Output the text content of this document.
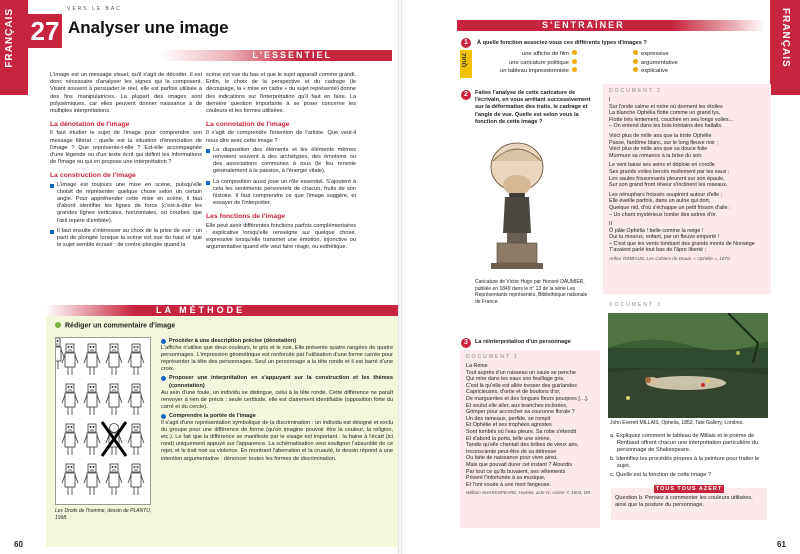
FRANÇAIS 27
VERS LE BAC
Analyser une image
L'ESSENTIEL

L'image est un message visuel, qu'il s'agit de décoder. Il est donc nécessaire d'analyser les signes qui la composent. Visant souvent à persuader le réel, elle est parfois utilisée à des fins manipulatrices. La plupart des images sont polysémiques, car elles peuvent donner naissance à de multiples interprétations.

La dénotation de l'image

Il faut étudier le sujet de l'image pour comprendre son message littéral : quelle est la situation d'énonciation de l'image ? Que représente-t-elle ? Est-elle accompagnée d'une légende ou d'un texte écrit qui définit les informations de l'image ou qui en propose une interprétation ?

La construction de l'image
L'image est toujours une mise en scène, puisqu'elle choisit de représenter quelque chose selon un certain angle. Pour appréhender cette mise en scène, il faut d'abord identifier les lignes de force (c'est-à-dire les grandes lignes verticales, horizontales, ou courbes que l'œil repère d'emblée).
Il faut ensuite s'intéresser au choix de la prise de vue : un parti de plongée lorsque la scène est vue du haut et que le sujet semble écrasé ; de contre-plongée quand la

scène est vue du bas et que le sujet apparaît comme grandi. Enfin, le choix de la perspective et du cadrage (le découpage, la « mise en cadre » du sujet représenté) donne des indications sur l'interprétation qu'il faut en faire. La dernière question importante à se poser concerne les couleurs et les formes utilisées.

La connotation de l'image

Il s'agit de comprendre l'intention de l'artiste. Que veut-il nous dire avec cette image ?

La disposition des éléments et les éléments mêmes renvoient souvent à des archétypes, des émotions ou des associations communes à tous (le feu renvoie généralement à la passion, à l'énergie vitale).
La composition aussi joue un rôle essentiel. S'ajoutent à cela les sentiments personnels de chacun, fruits de son histoire. Il faut comprendre ce que l'image suggère, et essayer de l'interpréter.
Les fonctions de l'image

Elle peut avoir différentes fonctions parfois complémentaires : explicative lorsqu'elle renseigne sur quelque chose, expressive lorsqu'elle transmet une émotion, injonctive ou argumentative quand elle veut faire réagir, ou esthétique.

LA MÉTHODE
Rédiger un commentaire d'image
Les Droits de l'homme, dessin de PLANTU, 1998.
Procéder à une description précise (dénotation)

L'affiche n'utilise que deux couleurs, le gris et le noir. Elle présente quatre rangées de quatre personnages. L'impression géométrique est renforcée par l'utilisation d'une forme carrée pour représenter la tête des personnages. Seul un personnage a la tête ronde et il est barré d'une croix.

Proposer une interprétation en s'appuyant sur la construction et les thèmes (connotation)

Au sein d'une foule, un individu se distingue, celui à la tête ronde. Cette différence ne paraît renvoyer à rien de précis : seule certitude, elle est clairement identifiable (opposition forte du carré et du cercle).

Comprendre la portée de l'image

Il s'agit d'une représentation symbolique de la discrimination : un individu est désigné et exclu du groupe pour une différence de forme (qu'on imagine pouvoir être la couleur, la religion, etc.). Le fait que la différence se manifeste par le visage est important : la haine à l'écart (ici rond) uniquement appuyé sur l'apparence. La schématisation veut souligner l'absurdité de ce rejet, et le trait noir sa violence. En montrant l'aberration et la cruauté, le dessin répond à une intention argumentative : dénoncer toutes les formes de discrimination.

60
FRANÇAIS
S'ENTRAÎNER
1
QUIZ
À quelle fonction associez-vous ces différents types d'images ?
une affiche de film
une caricature politique
un tableau impressionniste
expressive
argumentative
explicative
2	Faites l'analyse de cette caricature de l'écrivain, en vous arrêtant successivement sur la déformation des traits, le cadrage et l'angle de vue. Quelle est selon vous la fonction de cette image ?
Caricature de Victor Hugo par Honoré DAUMIER, publiée en 1849 dans le n° 13 de la série Les Représentants représentés, Bibliothèque nationale de France.
DOCUMENT 2
I
Sur l'onde calme et noire où dorment les étoiles
La blanche Ophélia flotte comme un grand lys,
Flotte très lentement, couchée en ses longs voiles…
– On entend dans les bois lointains des hallalis.
Voici plus de mille ans que la triste Ophélie
Passe, fantôme blanc, sur le long fleuve noir ;
Voici plus de mille ans que sa douce folie
Murmure sa romance à la brise du soir.
Le vent baise ses seins et déploie en corolle
Ses grands voiles bercés mollement par les eaux ;
Les saules frissonnants pleurent sur son épaule,
Sur son grand front rêveur s'inclinent les roseaux.
Les nénuphars froissés soupirent autour d'elle ;
Elle éveille parfois, dans un aulne qui dort,
Quelque nid, d'où s'échappe un petit frisson d'aile :
– Un chant mystérieux tombe des astres d'or.
II
Ô pâle Ophélia ! belle comme la neige !
Oui tu mourus, enfant, par un fleuve emporté !
– C'est que les vents tombant des grands monts de Norwège
T'avaient parlé tout bas de l'âpre liberté ;
Arthur RIMBAUD, Les Cahiers de Douai, « Ophélie », 1870.
3	La réinterprétation d'un personnage
DOCUMENT 1
La Reine
Tout auprès d'un ruisseau un saule se penche
Qui mire dans les eaux son feuillage gris,
C'est là qu'elle est allée tresser des guirlandes
Capricieuses, d'ortie et de boutons d'or,
De marguerites et des longues fleurs pourpres […].
Et voulut elle aller, aux branches inclinées,
Grimper pour accrocher sa couronne florale ?
Un des rameaux, perfide, se rompit
Et Ophélie et ses trophées agrestes
Sont tombés où l'eau pleure. Sa robe s'étendit
Et d'abord la porta, telle une sirène,
Tandis qu'elle chantait des bribes de vieux airs,
Inconsciente peut-être de sa détresse
Ou faite de naissance pour vivre ainsi.
Mais que pouvait durer cet instant ? Alourdis
Par tout ce qu'ils buvaient, ses vêtements
Privent l'infortunée à sa musique,
Et l'ont vouée à une mort fangeuse.
William SHAKESPEARE, Hamlet, acte IV, scène 7, 1603, DR.
DOCUMENT 3
John Everett MILLAIS, Ophelia, 1852, Tate Gallery, Londres.

a. Expliquez comment le tableau de Millais et le poème de Rimbaud offrent chacun une interprétation particulière du personnage de Shakespeare.

b. Identifiez les procédés propres à la peinture pour traiter le sujet.

c. Quelle est la fonction de cette image ?

TOUS TOUS AZERT

Question b. Pensez à commenter les couleurs utilisées, ainsi que la posture du personnage.

61
